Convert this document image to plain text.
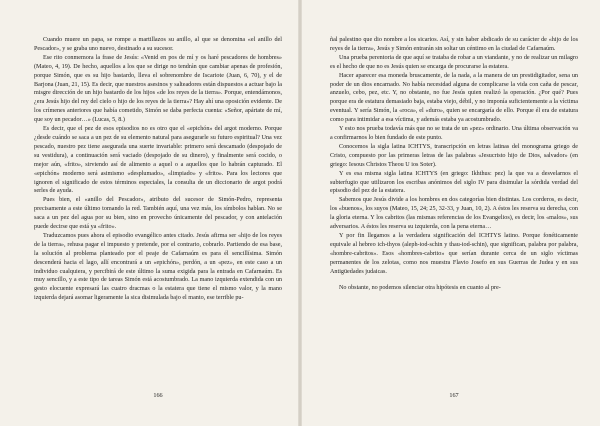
Cuando muere un papa, se rompe a martillazos su anillo, al que se denomina «el anillo del Pescador», y se graba uno nuevo, destinado a su sucesor.

Ese rito conmemora la frase de Jesús: «Venid en pos de mí y os haré pescadores de hombres» (Mateo, 4, 19). De hecho, aquellos a los que se dirige no tendrán que cambiar apenas de profesión, porque Simón, que es su hijo bastardo, lleva el sobrenombre de Iscariote (Juan, 6, 70), y el de Barjona (Juan, 21, 15). Es decir, que nuestros asesinos y salteadores están dispuestos a actuar bajo la misgre dirección de un hijo bastardo de los hijos «de los reyes de la tierra». Porque, entendámonos, ¿era Jesús hijo del rey del cielo o hijo de los reyes de la tierra»? Hay ahí una oposición evidente. De los crímenes anteriores que había cometido, Simón se daba perfecta cuenta: «Señor, apártate de mí, que soy un pecador…» (Lucas, 5, 8.)

Es decir, que el pez de esos episodios no es otro que el «epichón» del argot moderno. Porque ¿desde cuándo se saca a un pez de su elemento natural para asegurarle su futuro espiritual? Una vez pescado, nuestro pez tiene asegurada una suerte invariable: primero será descamado (despojado de su vestidura), a continuación será vaciado (despojado de su dinero), y finalmente será cocido, o mejor aún, «frito», sirviendo así de alimento a aquel o a aquellos que lo habrán capturado. El «epichón» moderno será asimismo «desplumado», «limpiado» y «frito». Para los lectores que ignoren el significado de estos términos especiales, la consulta de un diccionario de argot podrá serles de ayuda.

Pues bien, el «anillo del Pescador», atributo del sucesor de Simón-Pedro, representa precisamente a este último tomando la red. También aquí, una vez más, los símbolos hablan. No se saca a un pez del agua por su bien, sino en provecho únicamente del pescador, y con antelación puede decirse que está ya «frito».

Traduzcamos pues ahora el episodio evangélico antes citado. Jesús afirma ser «hijo de los reyes de la tierra», rehusa pagar el impuesto y pretende, por el contrario, cobrarlo. Partiendo de esa base, la solución al problema planteado por el peaje de Cafarnaúm es para él sencillísima. Simón descenderá hacia el lago, allí encontrará a un «epichón», perdón, a un «pez», en este caso a un individuo cualquiera, y percibirá de este último la suma exigida para la entrada en Cafarnaúm. Es muy sencillo, y a este tipo de tareas Simón está acostumbrado. La mano izquierda extendida con un gesto elocuente expresará las cuatro dracmas o la estatera que tiene el mismo valor, y la mano izquierda dejará asomar ligeramente la sica disimulada bajo el manto, ese terrible pu-

ñal palestino que dio nombre a los sicarios. Así, y sin haber abdicado de su carácter de «hijo de los reyes de la tierra», Jesús y Simón entrarán sin soltar un céntimo en la ciudad de Cafarnaúm.

Una prueba perentoria de que aquí se trataba de robar a un viandante, y no de realizar un milagro es el hecho de que no es Jesús quien se encarga de procurarse la estatera.

Hacer aparecer esa moneda bruscamente, de la nada, a la manera de un prestidigitador, sena un poder de un dios encarnado. No había necesidad alguna de complicarse la vida con caña de pescar, anzuelo, cebo, pez, etc. Y, no obstante, no fue Jesús quien realizó la operación. ¿Por qué? Pues porque era de estatura demasiado baja, estaba viejo, débil, y no imponía suficientemente a la víctima eventual. Y sería Simón, la «roca», el «duro», quien se encargaría de ello. Porque él era de estatura como para intimidar a esa víctima, y además estaba ya acostumbrado.

Y esto nos prueba todavía más que no se trata de un «pez» ordinario. Una última observación va a confirmarnos lo bien fundado de este punto.

Conocemos la sigla latina ICHTYS, transcripción en letras latinas del monograma griego de Cristo, compuesto por las primeras letras de las palabras «Jesucristo hijo de Dios, salvador» (en griego: Iesous Christos Theou U ios Soter).

Y es esa misma sigla latina ICHTYS (en griego: Ikhthus: pez) la que va a desvelarnos el subterfugio que utilizaron los escribas anónimos del siglo IV para disimular la sórdida verdad del episodio del pez de la estatera.

Sabemos que Jesús divide a los hombres en dos categorías bien distintas. Los corderos, es decir, los «buenos», los suyos (Mateo, 15, 24; 25, 32-33, y Juan, 10, 2). A éstos les reserva su derecha, con la gloria eterna. Y los cabritos (las mismas referencias de los Evangelios), es decir, los «malos», sus adversarios. A éstos les reserva su izquierda, con la pena eterna…

Y por fin llegamos a la verdadera significación del ICHTYS latino. Porque fonéticamente equivale al hebreo ich-thyos (aleph-iod-schin y thau-iod-schin), que significan, palabra por palabra, «hombre-cabritos». Esos «hombres-cabrito» que serían durante cerca de un siglo víctimas permanentes de los zelotas, como nos muestra Flavio Josefo en sus Guerras de Judea y en sus Antigüedades judaicas.

No obstante, no podemos silenciar otra hipótesis en cuanto al pre-

166	167
